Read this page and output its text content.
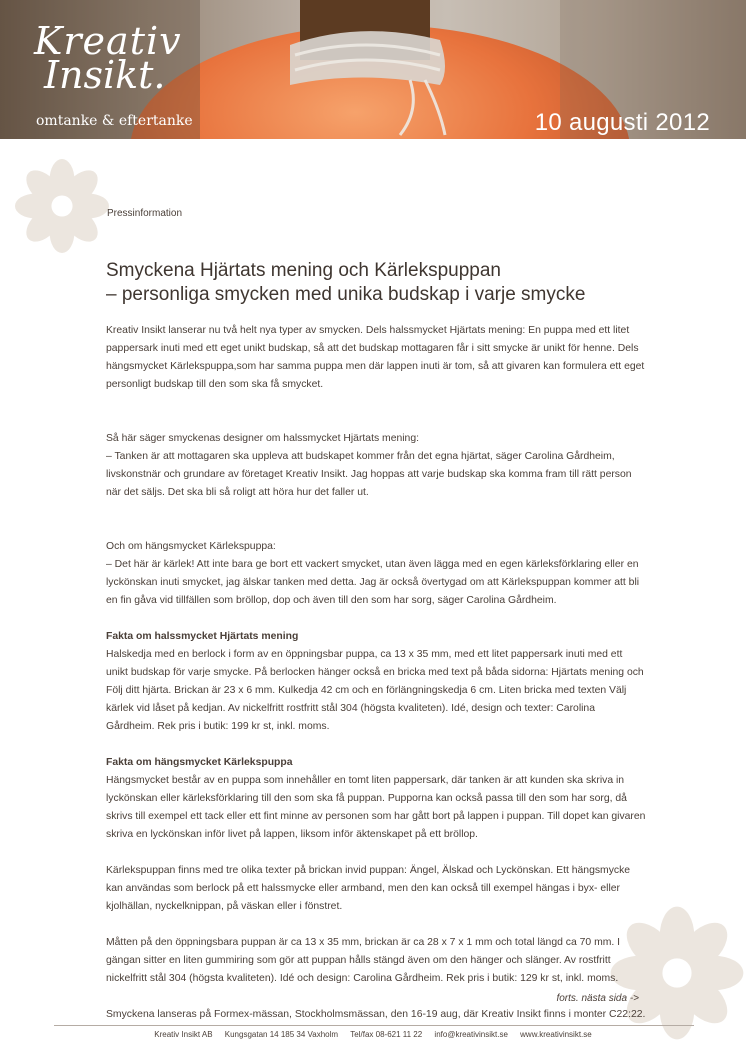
Kreativ
Insikt.
omtanke & eftertanke	10 augusti 2012
Pressinformation
Smyckena Hjärtats mening och Kärlekspuppan
– personliga smycken med unika budskap i varje smycke
Kreativ Insikt lanserar nu två helt nya typer av smycken. Dels halssmycket Hjärtats mening: En puppa med ett litet pappersark inuti med ett eget unikt budskap, så att det budskap mottagaren får i sitt smycke är unikt för henne. Dels hängsmycket Kärlekspuppa,som har samma puppa men där lappen inuti är tom, så att givaren kan formulera ett eget personligt budskap till den som ska få smycket.

Så här säger smyckenas designer om halssmycket Hjärtats mening:
– Tanken är att mottagaren ska uppleva att budskapet kommer från det egna hjärtat, säger Carolina Gårdheim, livskonstnär och grundare av företaget Kreativ Insikt. Jag hoppas att varje budskap ska komma fram till rätt person när det säljs. Det ska bli så roligt att höra hur det faller ut.

Och om hängsmycket Kärlekspuppa:
– Det här är kärlek! Att inte bara ge bort ett vackert smycket, utan även lägga med en egen kärleksförklaring eller en lyckönskan inuti smycket, jag älskar tanken med detta. Jag är också övertygad om att Kärlekspuppan kommer att bli en fin gåva vid tillfällen som bröllop, dop och även till den som har sorg, säger Carolina Gårdheim.

Fakta om halssmycket Hjärtats mening
Halskedja med en berlock i form av en öppningsbar puppa, ca 13 x 35 mm, med ett litet pappersark inuti med ett unikt budskap för varje smycke. På berlocken hänger också en bricka med text på båda sidorna: Hjärtats mening och Följ ditt hjärta. Brickan är 23 x 6 mm. Kulkedja 42 cm och en förlängningskedja 6 cm. Liten bricka med texten Välj kärlek vid låset på kedjan. Av nickelfritt rostfritt stål 304 (högsta kvaliteten). Idé, design och texter: Carolina Gårdheim. Rek pris i butik: 199 kr st, inkl. moms.
Fakta om hängsmycket Kärlekspuppa
Hängsmycket består av en puppa som innehåller en tomt liten pappersark, där tanken är att kunden ska skriva in lyckönskan eller kärleksförklaring till den som ska få puppan. Pupporna kan också passa till den som har sorg, då skrivs till exempel ett tack eller ett fint minne av personen som har gått bort på lappen i puppan. Till dopet kan givaren skriva en lyckönskan inför livet på lappen, liksom inför äktenskapet på ett bröllop.
Kärlekspuppan finns med tre olika texter på brickan invid puppan: Ängel, Älskad och Lyckönskan. Ett hängsmycke kan användas som berlock på ett halssmycke eller armband, men den kan också till exempel hängas i byx- eller kjolhällan, nyckelknippan, på väskan eller i fönstret.
Måtten på den öppningsbara puppan är ca 13 x 35 mm, brickan är ca 28 x 7 x 1 mm och total längd ca 70 mm. I gängan sitter en liten gummiring som gör att puppan hålls stängd även om den hänger och slänger. Av rostfritt nickelfritt stål 304 (högsta kvaliteten). Idé och design: Carolina Gårdheim. Rek pris i butik: 129 kr st, inkl. moms.
Smyckena lanseras på Formex-mässan, Stockholmsmässan, den 16-19 aug, där Kreativ Insikt finns i monter C22:22.
forts. nästa sida ->
Kreativ Insikt AB Kungsgatan 14 185 34 Vaxholm Tel/fax 08-621 11 22 info@kreativinsikt.se www.kreativinsikt.se
